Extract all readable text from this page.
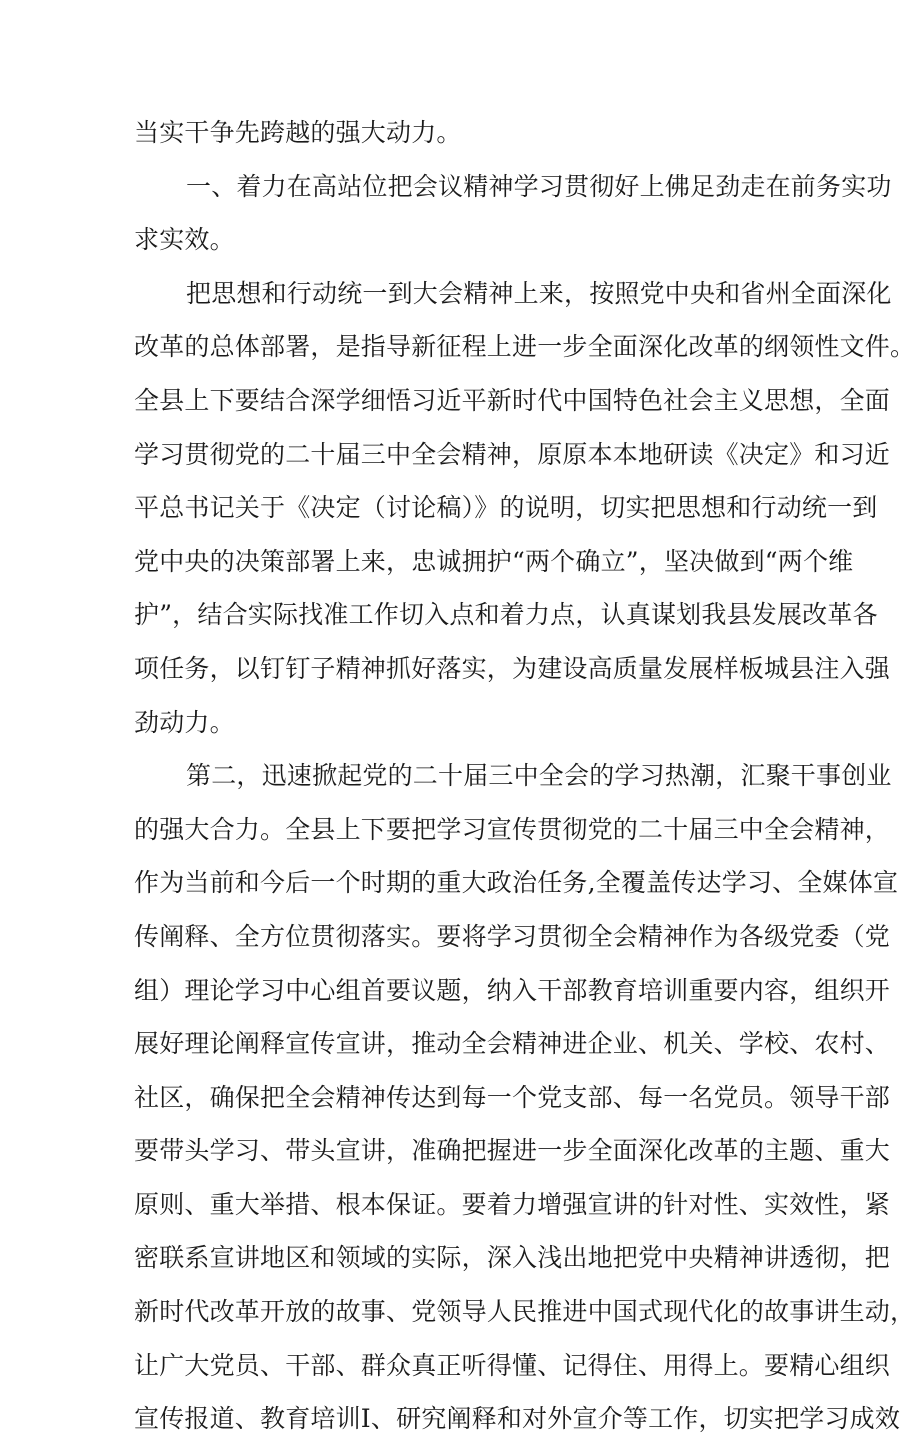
当实干争先跨越的强大动力。
一、着力在高站位把会议精神学习贯彻好上佛足劲走在前务实功
求实效。
把思想和行动统一到大会精神上来，按照党中央和省州全面深化
改革的总体部署，是指导新征程上进一步全面深化改革的纲领性文件。
全县上下要结合深学细悟习近平新时代中国特色社会主义思想，全面
学习贯彻党的二十届三中全会精神，原原本本地研读《决定》和习近
平总书记关于《决定（讨论稿）》的说明，切实把思想和行动统一到
党中央的决策部署上来，忠诚拥护“两个确立”，坚决做到“两个维
护”，结合实际找准工作切入点和着力点，认真谋划我县发展改革各
项任务，以钉钉子精神抓好落实，为建设高质量发展样板城县注入强
劲动力。
第二，迅速掀起党的二十届三中全会的学习热潮，汇聚干事创业
的强大合力。全县上下要把学习宣传贯彻党的二十届三中全会精神，
作为当前和今后一个时期的重大政治任务,全覆盖传达学习、全媒体宣
传阐释、全方位贯彻落实。要将学习贯彻全会精神作为各级党委（党
组）理论学习中心组首要议题，纳入干部教育培训重要内容，组织开
展好理论阐释宣传宣讲，推动全会精神进企业、机关、学校、农村、
社区，确保把全会精神传达到每一个党支部、每一名党员。领导干部
要带头学习、带头宣讲，准确把握进一步全面深化改革的主题、重大
原则、重大举措、根本保证。要着力增强宣讲的针对性、实效性，紧
密联系宣讲地区和领域的实际，深入浅出地把党中央精神讲透彻，把
新时代改革开放的故事、党领导人民推进中国式现代化的故事讲生动，
让广大党员、干部、群众真正听得懂、记得住、用得上。要精心组织
宣传报道、教育培训I、研究阐释和对外宣介等工作，切实把学习成效
